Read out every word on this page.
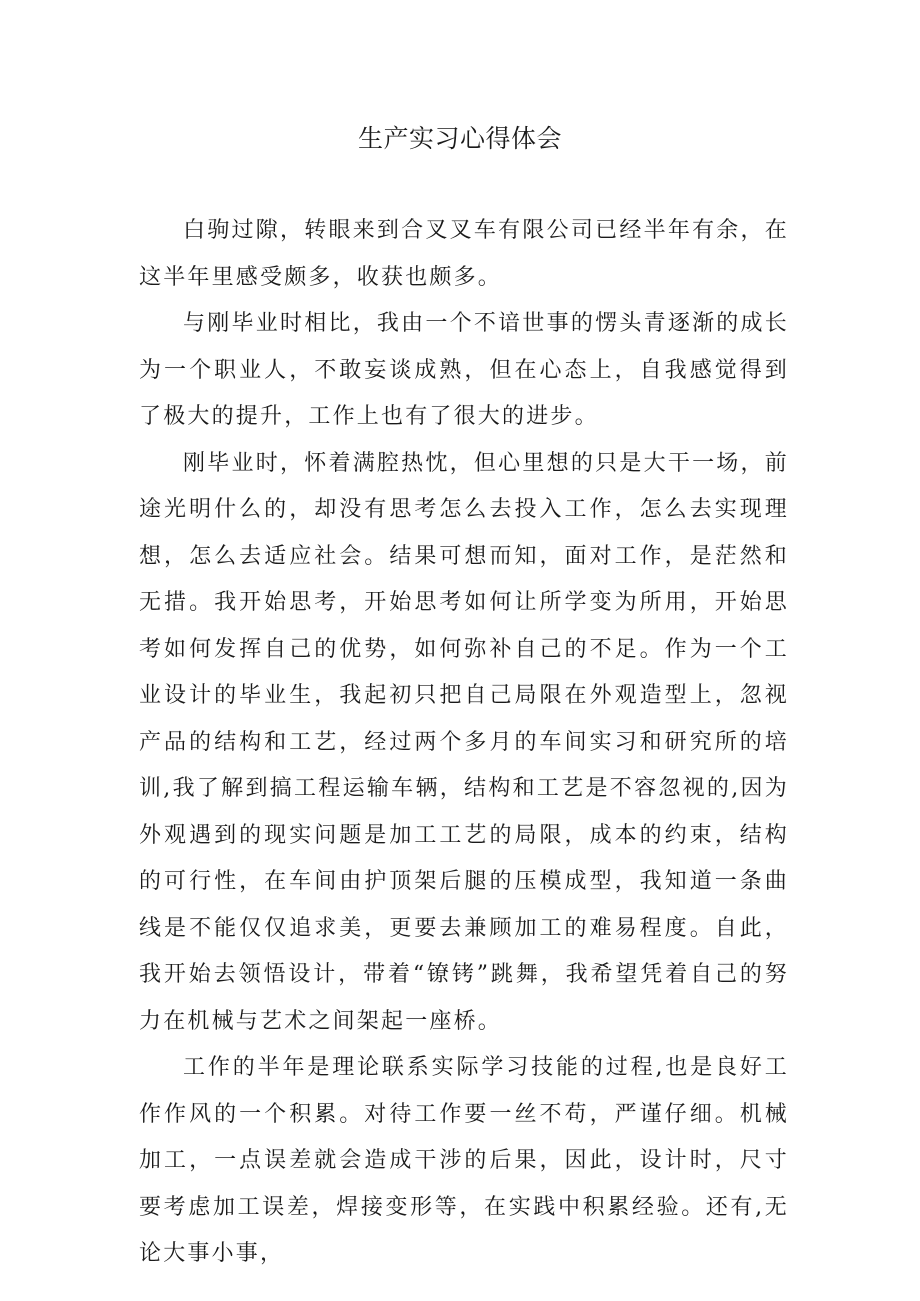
生产实习心得体会

白驹过隙，转眼来到合叉叉车有限公司已经半年有余，在这半年里感受颇多，收获也颇多。

与刚毕业时相比，我由一个不谙世事的愣头青逐渐的成长为一个职业人，不敢妄谈成熟，但在心态上，自我感觉得到了极大的提升，工作上也有了很大的进步。

刚毕业时，怀着满腔热忱，但心里想的只是大干一场，前途光明什么的，却没有思考怎么去投入工作，怎么去实现理想，怎么去适应社会。结果可想而知，面对工作，是茫然和无措。我开始思考，开始思考如何让所学变为所用，开始思考如何发挥自己的优势，如何弥补自己的不足。作为一个工业设计的毕业生，我起初只把自己局限在外观造型上，忽视产品的结构和工艺，经过两个多月的车间实习和研究所的培训,我了解到搞工程运输车辆，结构和工艺是不容忽视的,因为外观遇到的现实问题是加工工艺的局限，成本的约束，结构的可行性，在车间由护顶架后腿的压模成型，我知道一条曲线是不能仅仅追求美，更要去兼顾加工的难易程度。自此，我开始去领悟设计，带着“镣铐”跳舞，我希望凭着自己的努力在机械与艺术之间架起一座桥。

工作的半年是理论联系实际学习技能的过程,也是良好工作作风的一个积累。对待工作要一丝不苟，严谨仔细。机械加工，一点误差就会造成干涉的后果，因此，设计时，尺寸要考虑加工误差，焊接变形等，在实践中积累经验。还有,无论大事小事，
